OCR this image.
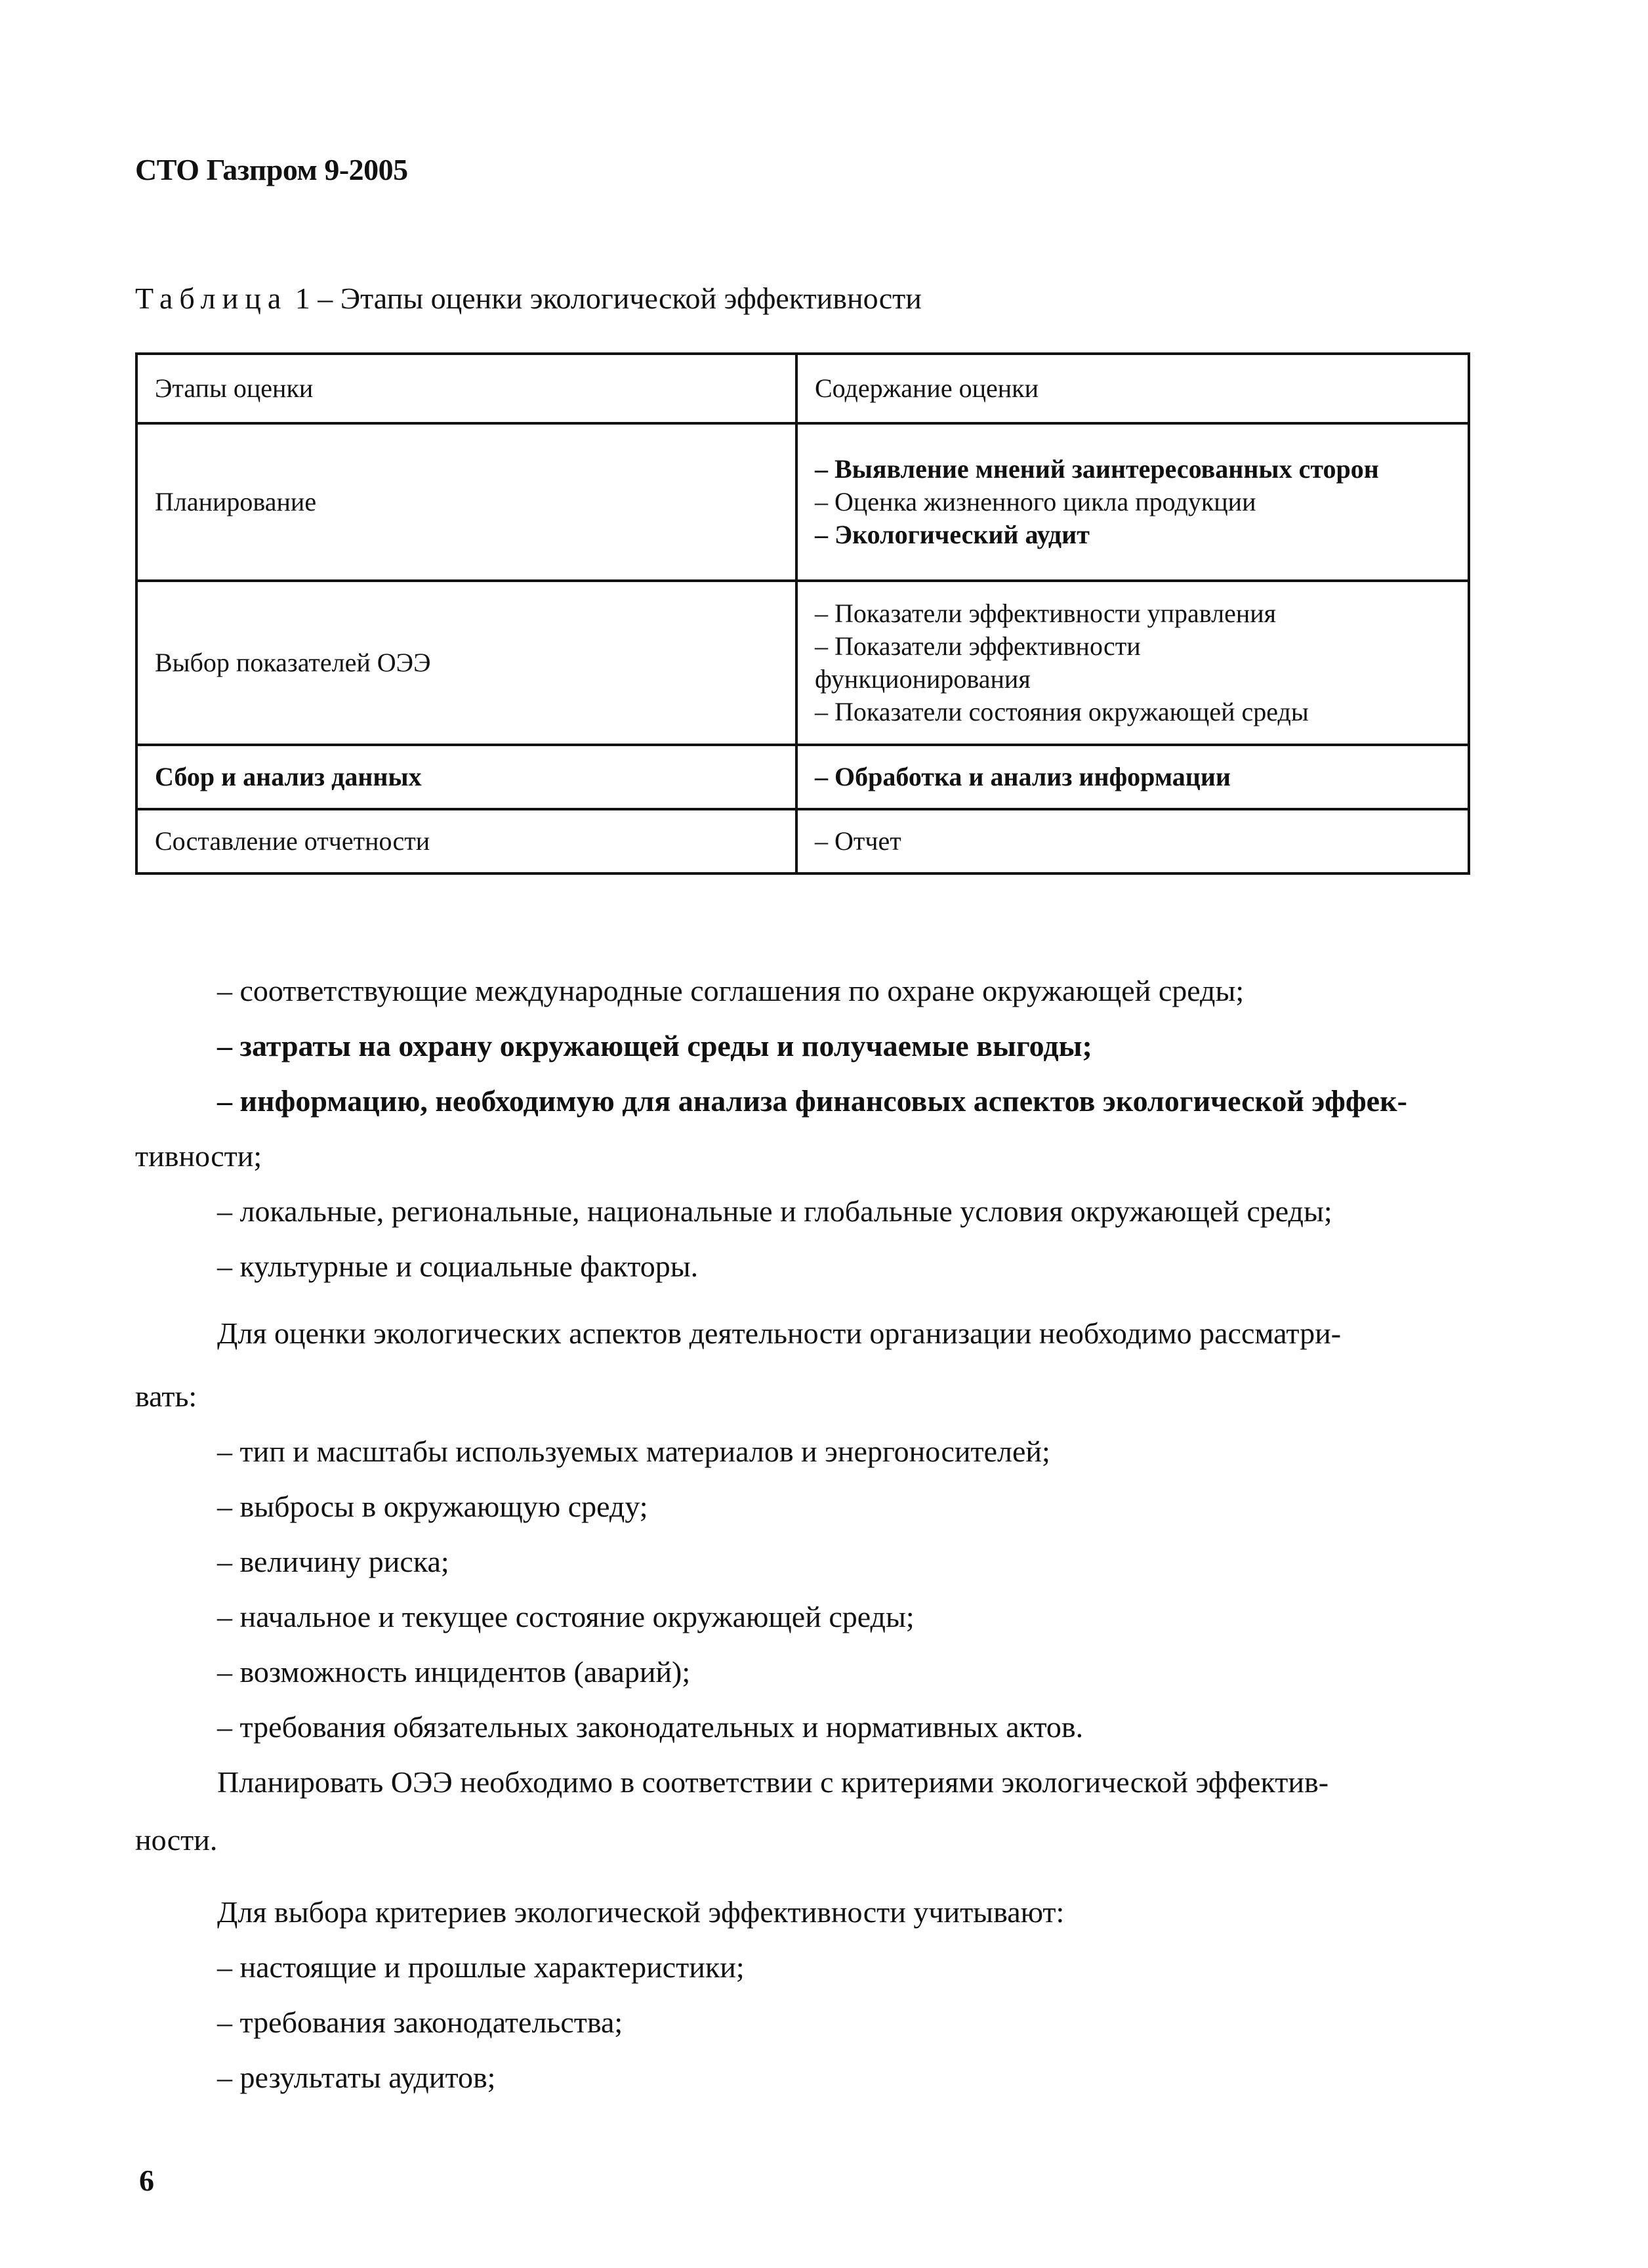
СТО Газпром 9-2005
Таблица 1 – Этапы оценки экологической эффективности
Этапы оценки	Содержание оценки
Планирование	– Выявление мнений заинтересованных сторон
– Оценка жизненного цикла продукции
– Экологический аудит

Выбор показателей ОЭЭ	– Показатели эффективности управления
– Показатели эффективности
функционирования
– Показатели состояния окружающей среды

Сбор и анализ данных	– Обработка и анализ информации
Составление отчетности	– Отчет
– соответствующие международные соглашения по охране окружающей среды;
– затраты на охрану окружающей среды и получаемые выгоды;
– информацию, необходимую для анализа финансовых аспектов экологической эффек-
тивности;
– локальные, региональные, национальные и глобальные условия окружающей среды;
– культурные и социальные факторы.
Для оценки экологических аспектов деятельности организации необходимо рассматри-
вать:
– тип и масштабы используемых материалов и энергоносителей;
– выбросы в окружающую среду;
– величину риска;
– начальное и текущее состояние окружающей среды;
– возможность инцидентов (аварий);
– требования обязательных законодательных и нормативных актов.
Планировать ОЭЭ необходимо в соответствии с критериями экологической эффектив-
ности.
Для выбора критериев экологической эффективности учитывают:
– настоящие и прошлые характеристики;
– требования законодательства;
– результаты аудитов;
6
